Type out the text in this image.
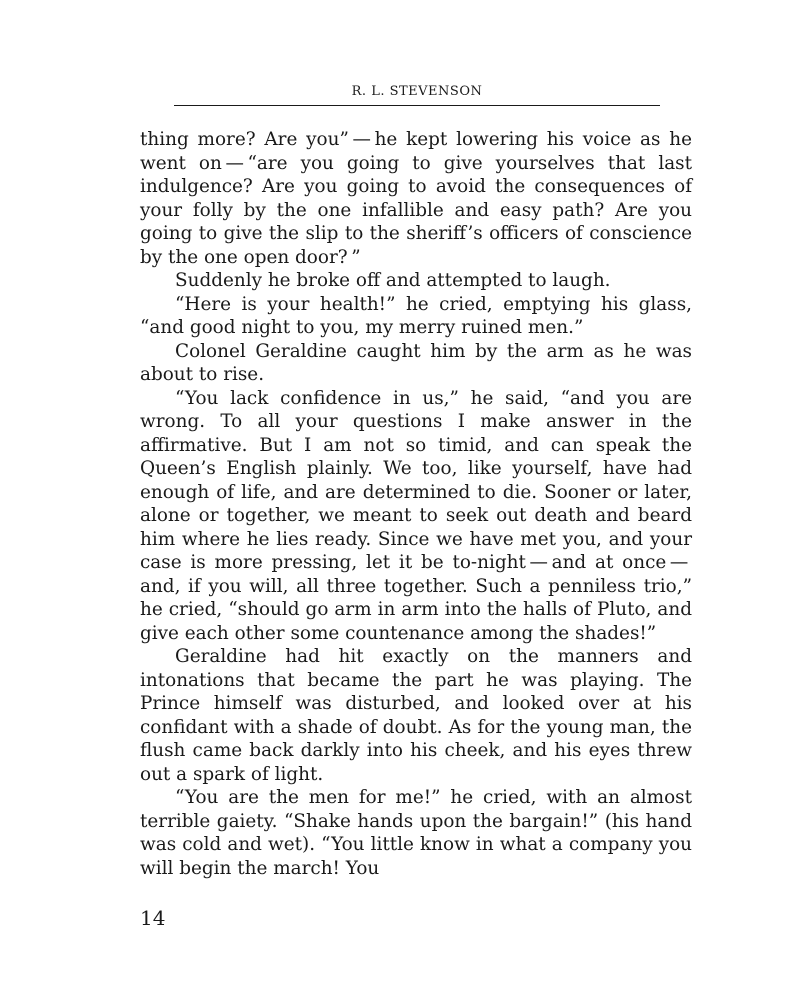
R. L. STEVENSON

thing more? Are you” — he kept lowering his voice as he went on — “are you going to give yourselves that last indulgence? Are you going to avoid the consequences of your folly by the one infallible and easy path? Are you going to give the slip to the sheriff’s officers of conscience by the one open door? ”

Suddenly he broke off and attempted to laugh.

“Here is your health!” he cried, emptying his glass, “and good night to you, my merry ruined men.”

Colonel Geraldine caught him by the arm as he was about to rise.

“You lack confidence in us,” he said, “and you are wrong. To all your questions I make answer in the affirmative. But I am not so timid, and can speak the Queen’s English plainly. We too, like yourself, have had enough of life, and are determined to die. Sooner or later, alone or together, we meant to seek out death and beard him where he lies ready. Since we have met you, and your case is more pressing, let it be to-night — and at once — and, if you will, all three together. Such a penniless trio,” he cried, “should go arm in arm into the halls of Pluto, and give each other some countenance among the shades!”

Geraldine had hit exactly on the manners and intonations that became the part he was playing. The Prince himself was disturbed, and looked over at his confidant with a shade of doubt. As for the young man, the flush came back darkly into his cheek, and his eyes threw out a spark of light.

“You are the men for me!” he cried, with an almost terrible gaiety. “Shake hands upon the bargain!” (his hand was cold and wet). “You little know in what a company you will begin the march! You

14
